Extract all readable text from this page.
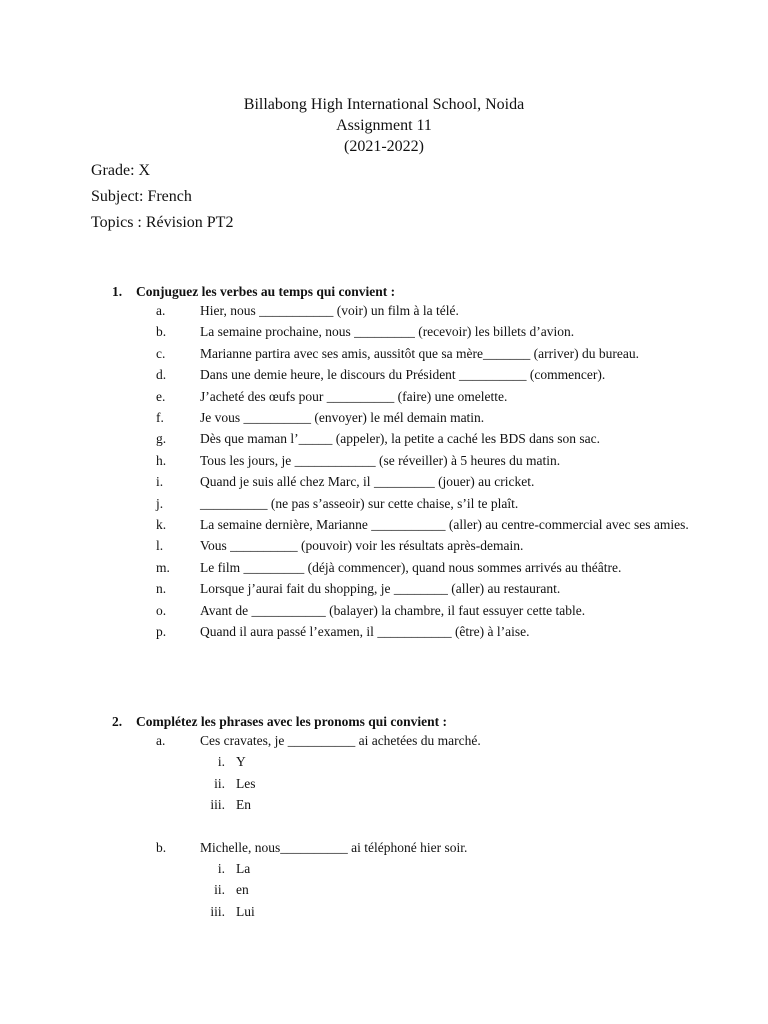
Billabong High International School, Noida
Assignment 11
(2021-2022)
Grade: X
Subject: French
Topics : Révision PT2
1.	Conjuguez les verbes au temps qui convient :
a.	Hier, nous ___________ (voir) un film à la télé.
b.	La semaine prochaine, nous _________ (recevoir) les billets d’avion.
c.	Marianne partira avec ses amis, aussitôt que sa mère_______ (arriver) du bureau.
d.	Dans une demie heure, le discours du Président __________ (commencer).
e.	J’acheté des œufs pour __________ (faire) une omelette.
f.	Je vous __________ (envoyer) le mél demain matin.
g.	Dès que maman l’_____ (appeler), la petite a caché les BDS dans son sac.
h.	Tous les jours, je ____________ (se réveiller) à 5 heures du matin.
i.	Quand je suis allé chez Marc, il _________ (jouer) au cricket.
j.	__________ (ne pas s’asseoir) sur cette chaise, s’il te plaît.
k.	La semaine dernière, Marianne ___________ (aller) au centre-commercial avec ses amies.
l.	Vous __________ (pouvoir) voir les résultats après-demain.
m.	Le film _________ (déjà commencer), quand nous sommes arrivés au théâtre.
n.	Lorsque j’aurai fait du shopping, je ________ (aller) au restaurant.
o.	Avant de ___________ (balayer) la chambre, il faut essuyer cette table.
p.	Quand il aura passé l’examen, il ___________ (être) à l’aise.
2.	Complétez les phrases avec les pronoms qui convient :
a.	Ces cravates, je __________ ai achetées du marché.
i. Y
ii. Les
iii. En
b.	Michelle, nous__________ ai téléphoné hier soir.
i. La
ii. en
iii. Lui
